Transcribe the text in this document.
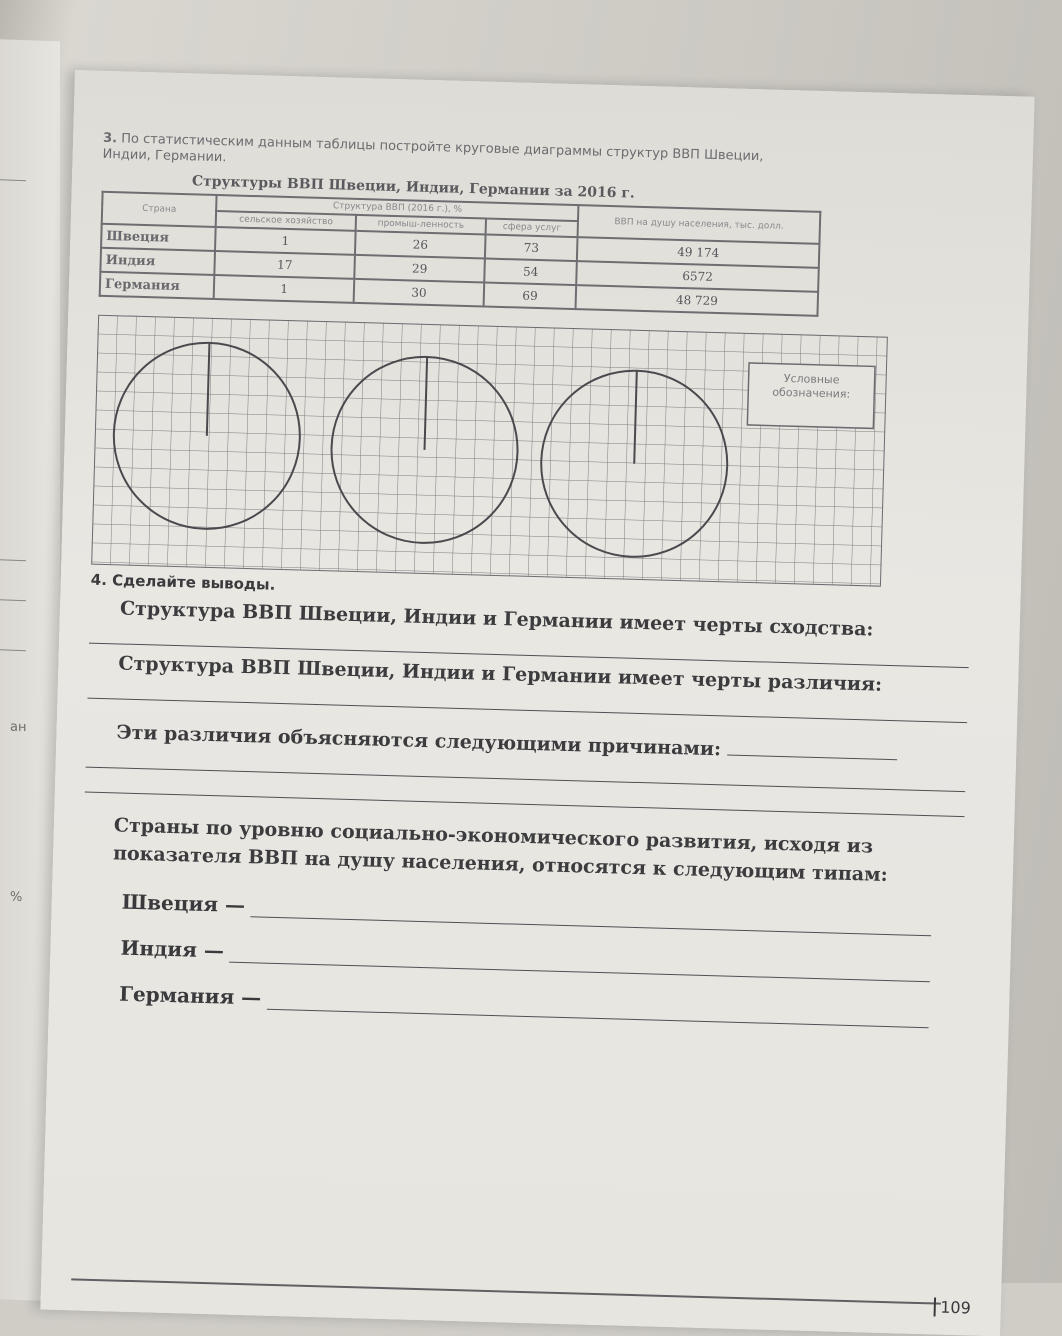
ан
%
3. По статистическим данным таблицы постройте круговые диаграммы структур ВВП Швеции, Индии, Германии.
Структуры ВВП Швеции, Индии, Германии за 2016 г.
Страна	Структура ВВП (2016 г.), %			ВВП на душу населения, тыс. долл.
	сельское хозяйство	промыш-ленность	сфера услуг	
Швеция	1	26	73	49 174
Индия	17	29	54	6572
Германия	1	30	69	48 729
Условные обозначения:
4. Сделайте выводы.
Структура ВВП Швеции, Индии и Германии имеет черты сходства:
Структура ВВП Швеции, Индии и Германии имеет черты различия:
Эти различия объясняются следующими причинами:
Страны по уровню социально-экономического развития, исходя из показателя ВВП на душу населения, относятся к следующим типам:
Швеция —
Индия —
Германия —
109
